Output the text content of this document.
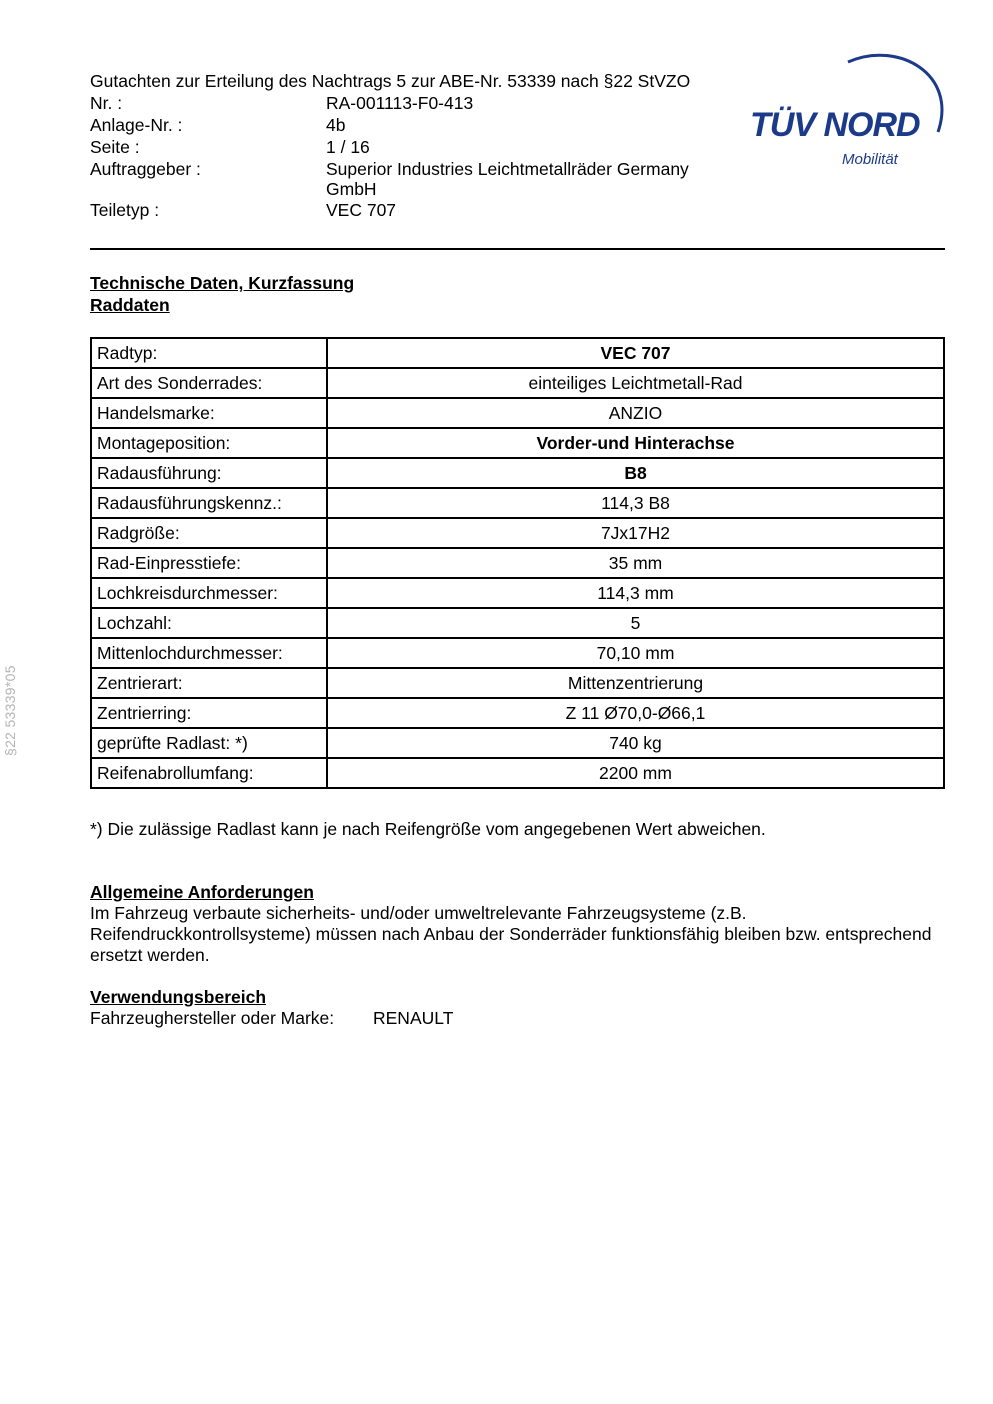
Gutachten zur Erteilung des Nachtrags 5 zur ABE-Nr. 53339 nach §22 StVZO
Nr. :	RA-001113-F0-413
Anlage-Nr. :	4b
Seite :	1 / 16
Auftraggeber :	Superior Industries Leichtmetallräder Germany GmbH
Teiletyp :	VEC 707
TÜV NORD
Mobilität
Technische Daten, Kurzfassung
Raddaten
Radtyp:	VEC 707
Art des Sonderrades:	einteiliges Leichtmetall-Rad
Handelsmarke:	ANZIO
Montageposition:	Vorder-und Hinterachse
Radausführung:	B8
Radausführungskennz.:	114,3 B8
Radgröße:	7Jx17H2
Rad-Einpresstiefe:	35 mm
Lochkreisdurchmesser:	114,3 mm
Lochzahl:	5
Mittenlochdurchmesser:	70,10 mm
Zentrierart:	Mittenzentrierung
Zentrierring:	Z 11 Ø70,0-Ø66,1
geprüfte Radlast: *)	740 kg
Reifenabrollumfang:	2200 mm
*) Die zulässige Radlast kann je nach Reifengröße vom angegebenen Wert abweichen.
Allgemeine Anforderungen
Im Fahrzeug verbaute sicherheits- und/oder umweltrelevante Fahrzeugsysteme (z.B. Reifendruckkontrollsysteme) müssen nach Anbau der Sonderräder funktionsfähig bleiben bzw. entsprechend ersetzt werden.
Verwendungsbereich
Fahrzeughersteller oder Marke:	RENAULT
§22 53339*05
